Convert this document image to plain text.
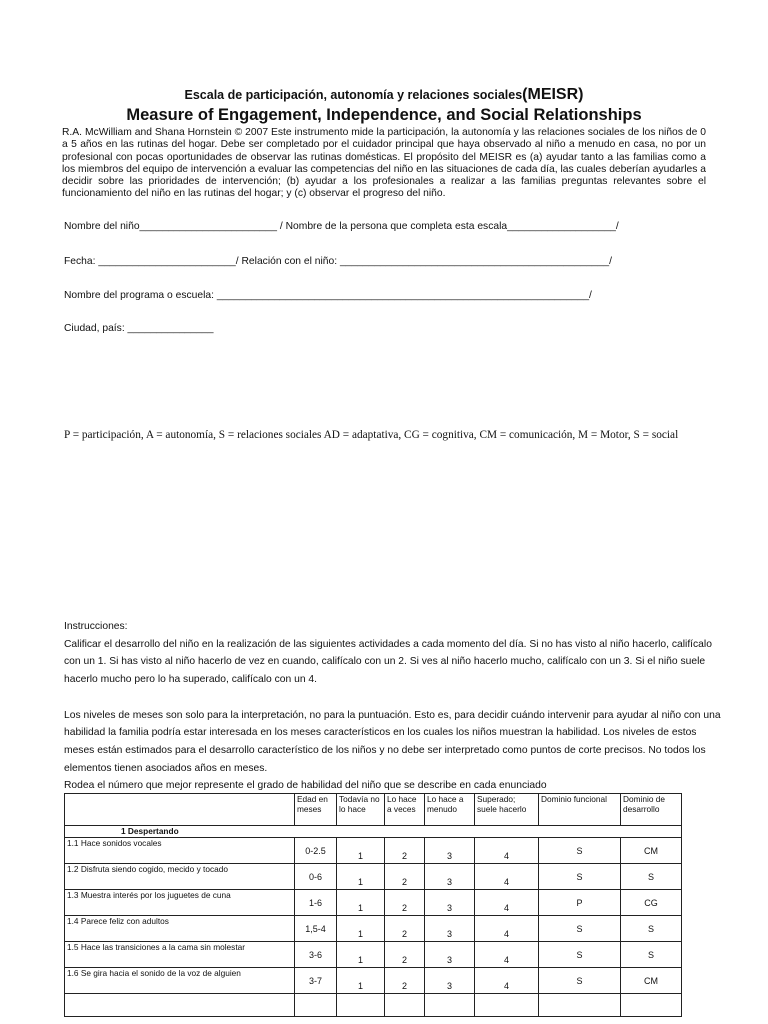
Escala de participación, autonomía y relaciones sociales(MEISR)
Measure of Engagement, Independence, and Social Relationships
R.A. McWilliam and Shana Hornstein © 2007 Este instrumento mide la participación, la autonomía y las relaciones sociales de los niños de 0 a 5 años en las rutinas del hogar. Debe ser completado por el cuidador principal que haya observado al niño a menudo en casa, no por un profesional con pocas oportunidades de observar las rutinas domésticas. El propósito del MEISR es (a) ayudar tanto a las familias como a los miembros del equipo de intervención a evaluar las competencias del niño en las situaciones de cada día, las cuales deberían ayudarles a decidir sobre las prioridades de intervención; (b) ayudar a los profesionales a realizar a las familias preguntas relevantes sobre el funcionamiento del niño en las rutinas del hogar; y (c) observar el progreso del niño.
Nombre del niño________________________ / Nombre de la persona que completa esta escala___________________/
Fecha: ________________________/ Relación con el niño: _______________________________________________/
Nombre del programa o escuela: _________________________________________________________________/
Ciudad, país: _______________
P = participación, A = autonomía, S = relaciones sociales AD = adaptativa, CG = cognitiva, CM = comunicación, M = Motor, S = social

Instrucciones:

Calificar el desarrollo del niño en la realización de las siguientes actividades a cada momento del día. Si no has visto al niño hacerlo, califícalo con un 1. Si has visto al niño hacerlo de vez en cuando, califícalo con un 2. Si ves al niño hacerlo mucho, califícalo con un 3. Si el niño suele hacerlo mucho pero lo ha superado, califícalo con un 4.

Los niveles de meses son solo para la interpretación, no para la puntuación. Esto es, para decidir cuándo intervenir para ayudar al niño con una habilidad la familia podría estar interesada en los meses característicos en los cuales los niños muestran la habilidad. Los niveles de estos meses están estimados para el desarrollo característico de los niños y no debe ser interpretado como puntos de corte precisos. No todos los elementos tienen asociados años en meses.

Rodea el número que mejor represente el grado de habilidad del niño que se describe en cada enunciado

	Edad en meses	Todavía no lo hace	Lo hace a veces	Lo hace a menudo	Superado; suele hacerlo	Dominio funcional	Dominio de desarrollo
1 Despertando							
1.1 Hace sonidos vocales	0-2.5	1	2	3	4	S	CM
1.2 Disfruta siendo cogido, mecido y tocado	0-6	1	2	3	4	S	S
1.3 Muestra interés por los juguetes de cuna	1-6	1	2	3	4	P	CG
1.4 Parece feliz con adultos	1,5-4	1	2	3	4	S	S
1.5 Hace las transiciones a la cama sin molestar	3-6	1	2	3	4	S	S
1.6 Se gira hacia el sonido de la voz de alguien	3-7	1	2	3	4	S	CM
